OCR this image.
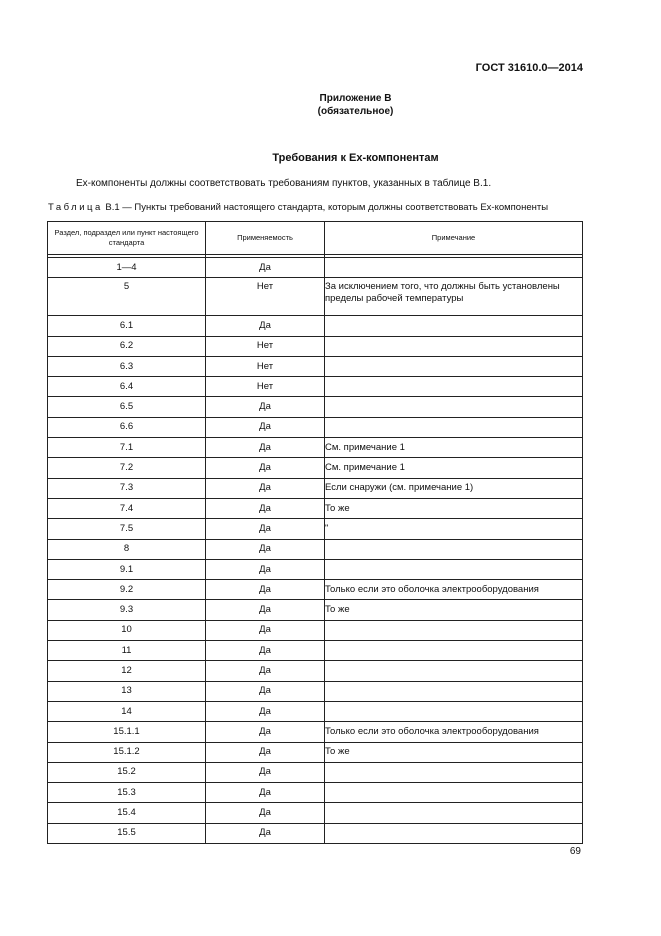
ГОСТ 31610.0—2014
Приложение В
(обязательное)
Требования к Ex-компонентам
Ex-компоненты должны соответствовать требованиям пунктов, указанных в таблице В.1.
Таблица В.1 — Пункты требований настоящего стандарта, которым должны соответствовать Ex-компоненты
Раздел, подраздел или пункт настоящего стандарта	Применяемость	Примечание

1—4	Да	
5	Нет	За исключением того, что должны быть установлены пределы рабочей температуры
6.1	Да	
6.2	Нет	
6.3	Нет	
6.4	Нет	
6.5	Да	
6.6	Да	
7.1	Да	См. примечание 1
7.2	Да	См. примечание 1
7.3	Да	Если снаружи (см. примечание 1)
7.4	Да	То же
7.5	Да	"
8	Да	
9.1	Да	
9.2	Да	Только если это оболочка электрооборудования
9.3	Да	То же
10	Да	
11	Да	
12	Да	
13	Да	
14	Да	
15.1.1	Да	Только если это оболочка электрооборудования
15.1.2	Да	То же
15.2	Да	
15.3	Да	
15.4	Да	
15.5	Да	
69
